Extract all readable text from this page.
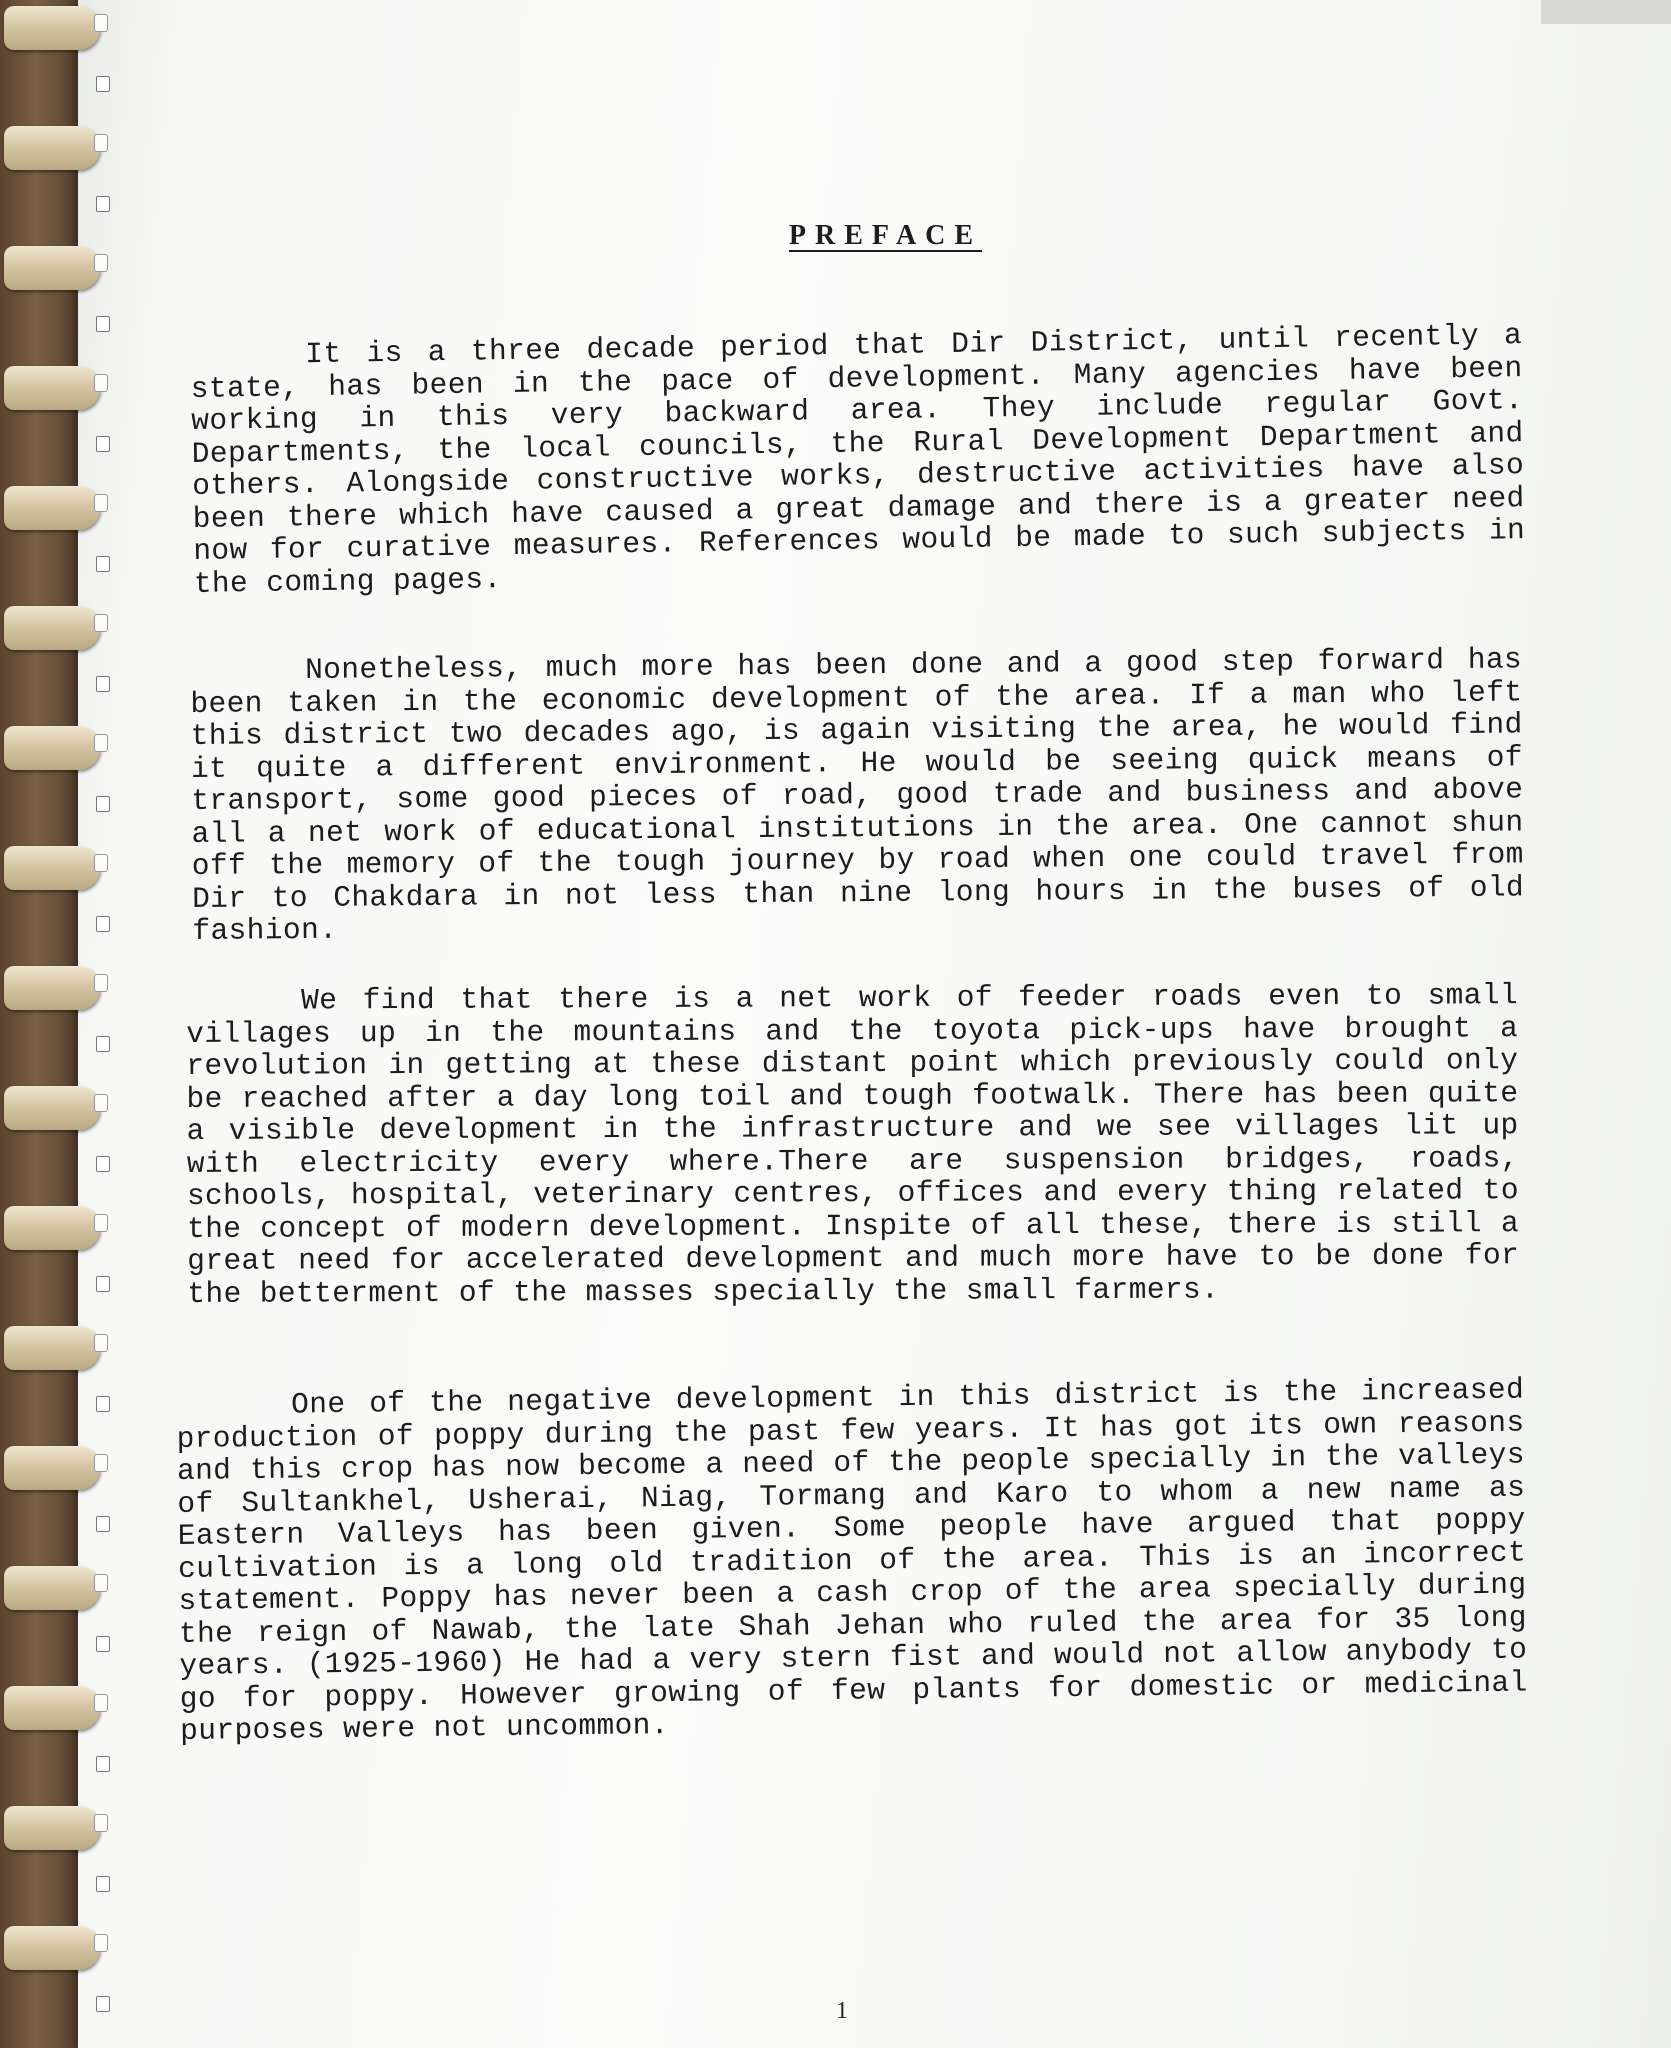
PREFACE

It is a three decade period that Dir District, until recently a state, has been in the pace of development. Many agencies have been working in this very backward area. They include regular Govt. Departments, the local councils, the Rural Development Department and others. Alongside constructive works, destructive activities have also been there which have caused a great damage and there is a greater need now for curative measures. References would be made to such subjects in the coming pages.

Nonetheless, much more has been done and a good step forward has been taken in the economic development of the area. If a man who left this district two decades ago, is again visiting the area, he would find it quite a different environment. He would be seeing quick means of transport, some good pieces of road, good trade and business and above all a net work of educational institutions in the area. One cannot shun off the memory of the tough journey by road when one could travel from Dir to Chakdara in not less than nine long hours in the buses of old fashion.

We find that there is a net work of feeder roads even to small villages up in the mountains and the toyota pick-ups have brought a revolution in getting at these distant point which previously could only be reached after a day long toil and tough footwalk. There has been quite a visible development in the infrastructure and we see villages lit up with electricity every where.There are suspension bridges, roads, schools, hospital, veterinary centres, offices and every thing related to the concept of modern development. Inspite of all these, there is still a great need for accelerated development and much more have to be done for the betterment of the masses specially the small farmers.

One of the negative development in this district is the increased production of poppy during the past few years. It has got its own reasons and this crop has now become a need of the people specially in the valleys of Sultankhel, Usherai, Niag, Tormang and Karo to whom a new name as Eastern Valleys has been given. Some people have argued that poppy cultivation is a long old tradition of the area. This is an incorrect statement. Poppy has never been a cash crop of the area specially during the reign of Nawab, the late Shah Jehan who ruled the area for 35 long years. (1925-1960) He had a very stern fist and would not allow anybody to go for poppy. However growing of few plants for domestic or medicinal purposes were not uncommon.

1
